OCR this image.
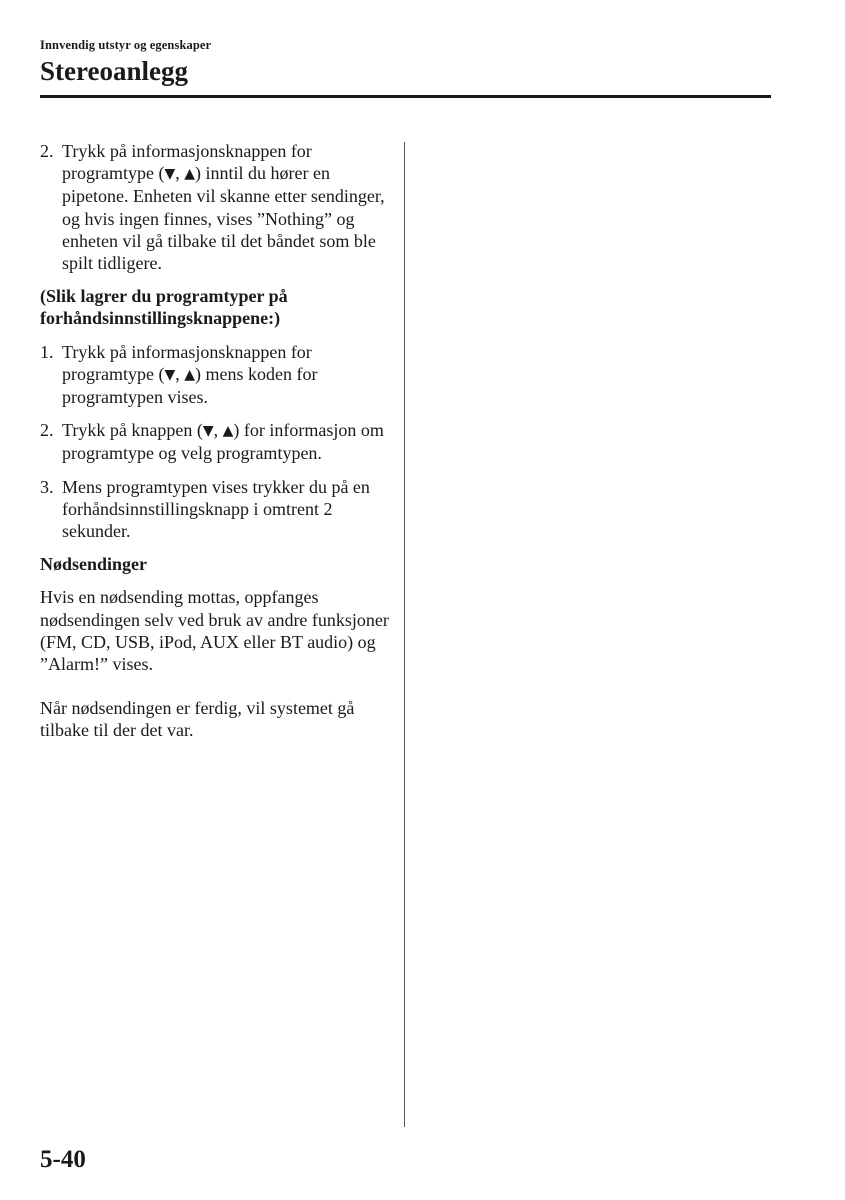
Innvendig utstyr og egenskaper
Stereoanlegg

2. Trykk på informasjonsknappen for programtype (▼, ▲) inntil du hører en pipetone. Enheten vil skanne etter sendinger, og hvis ingen finnes, vises ”Nothing” og enheten vil gå tilbake til det båndet som ble spilt tidligere.

(Slik lagrer du programtyper på forhåndsinnstillingsknappene:)

1. Trykk på informasjonsknappen for programtype (▼, ▲) mens koden for programtypen vises.

2. Trykk på knappen (▼, ▲) for informasjon om programtype og velg programtypen.

3. Mens programtypen vises trykker du på en forhåndsinnstillingsknapp i omtrent 2 sekunder.

Nødsendinger

Hvis en nødsending mottas, oppfanges nødsendingen selv ved bruk av andre funksjoner (FM, CD, USB, iPod, AUX eller BT audio) og ”Alarm!” vises.

Når nødsendingen er ferdig, vil systemet gå tilbake til der det var.

5-40
